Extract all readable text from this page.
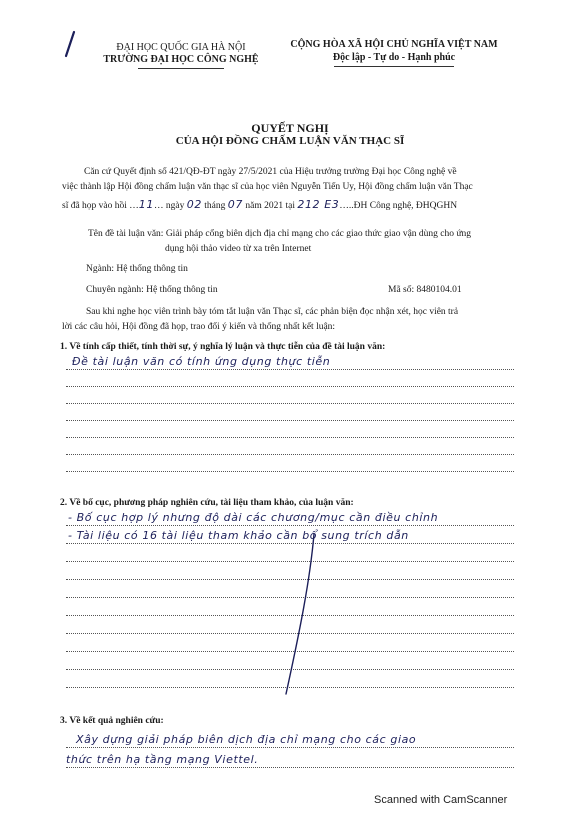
ĐẠI HỌC QUỐC GIA HÀ NỘI
TRƯỜNG ĐẠI HỌC CÔNG NGHỆ
CỘNG HÒA XÃ HỘI CHỦ NGHĨA VIỆT NAM
Độc lập - Tự do - Hạnh phúc
QUYẾT NGHỊ
CỦA HỘI ĐỒNG CHẤM LUẬN VĂN THẠC SĨ
Căn cứ Quyết định số 421/QĐ-ĐT ngày 27/5/2021 của Hiệu trưởng trường Đại học Công nghệ về
việc thành lập Hội đồng chấm luận văn thạc sĩ của học viên Nguyễn Tiến Uy, Hội đồng chấm luận văn Thạc
sĩ đã họp vào hồi …11… ngày 02 tháng 07 năm 2021 tại 212 E3…..ĐH Công nghệ, ĐHQGHN
Tên đề tài luận văn: Giải pháp cổng biên dịch địa chỉ mạng cho các giao thức giao vận dùng cho ứng
dụng hội thảo video từ xa trên Internet
Ngành: Hệ thống thông tin
Chuyên ngành: Hệ thống thông tin	Mã số: 8480104.01
Sau khi nghe học viên trình bày tóm tắt luận văn Thạc sĩ, các phản biện đọc nhận xét, học viên trả
lời các câu hỏi, Hội đồng đã họp, trao đổi ý kiến và thống nhất kết luận:
1. Về tính cấp thiết, tính thời sự, ý nghĩa lý luận và thực tiễn của đề tài luận văn:
Đề tài luận văn có tính ứng dụng thực tiễn
2. Về bố cục, phương pháp nghiên cứu, tài liệu tham khảo, của luận văn:
- Bố cục hợp lý nhưng độ dài các chương/mục cần điều chỉnh
- Tài liệu có 16 tài liệu tham khảo cần bổ sung trích dẫn
3. Về kết quả nghiên cứu:
Xây dựng giải pháp biên dịch địa chỉ mạng cho các giao
thức trên hạ tầng mạng Viettel.
Scanned with CamScanner
